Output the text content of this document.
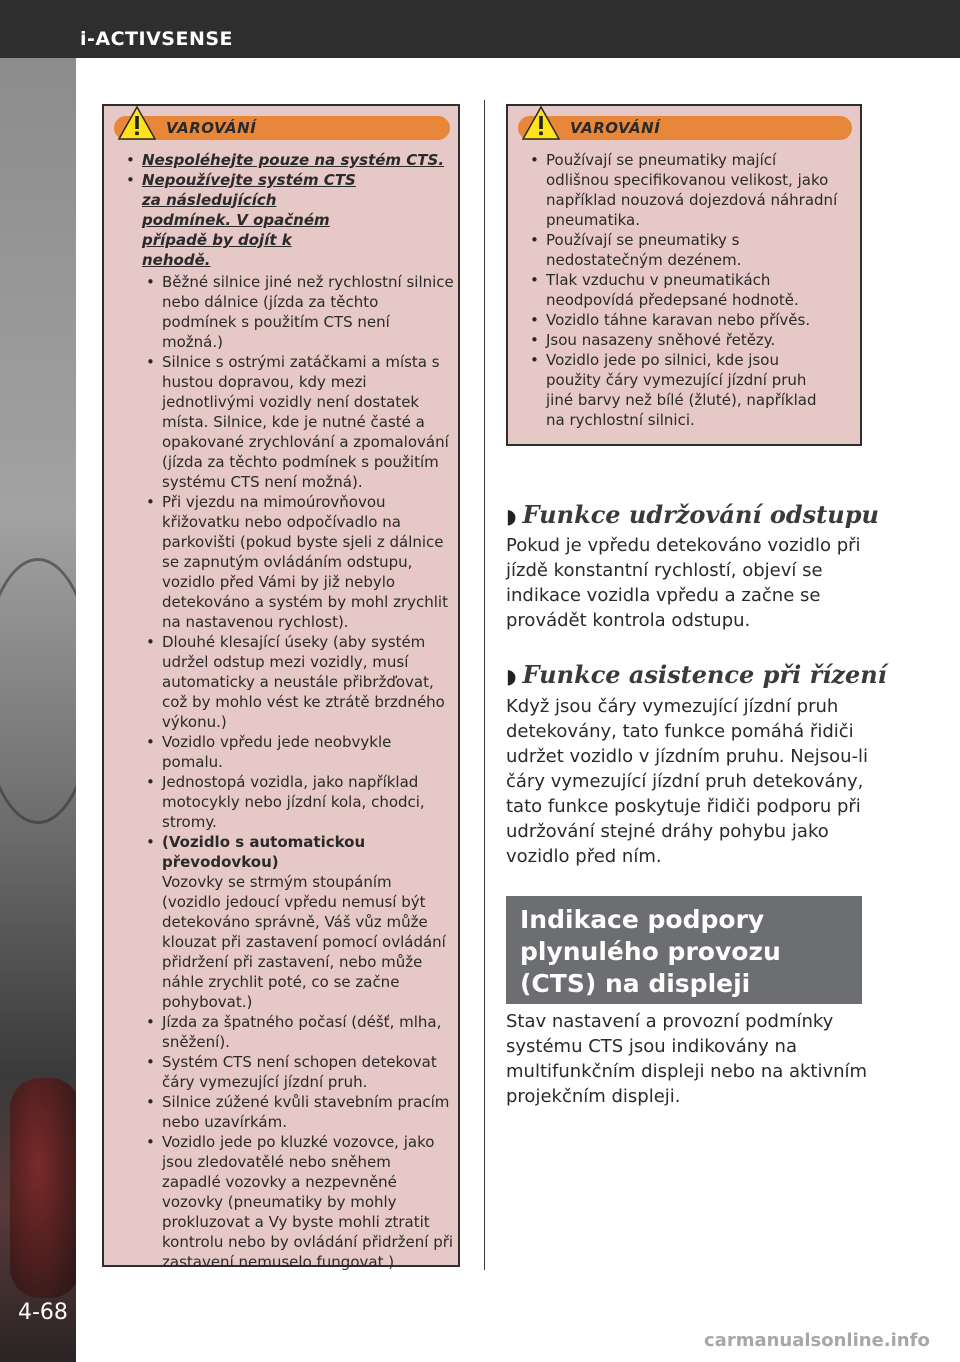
i-ACTIVSENSE
4-68
VAROVÁNÍ
• Nespoléhejte pouze na systém CTS.
• Nepoužívejte systém CTS za následujících podmínek. V opačném případě by dojít k nehodě.
• Běžné silnice jiné než rychlostní silnice nebo dálnice (jízda za těchto podmínek s použitím CTS není možná.)
• Silnice s ostrými zatáčkami a místa s hustou dopravou, kdy mezi jednotlivými vozidly není dostatek místa. Silnice, kde je nutné časté a opakované zrychlování a zpomalování (jízda za těchto podmínek s použitím systému CTS není možná).
• Při vjezdu na mimoúrovňovou křižovatku nebo odpočívadlo na parkovišti (pokud byste sjeli z dálnice se zapnutým ovládáním odstupu, vozidlo před Vámi by již nebylo detekováno a systém by mohl zrychlit na nastavenou rychlost).
• Dlouhé klesající úseky (aby systém udržel odstup mezi vozidly, musí automaticky a neustále přibržďovat, což by mohlo vést ke ztrátě brzdného výkonu.)
• Vozidlo vpředu jede neobvykle pomalu.
• Jednostopá vozidla, jako například motocykly nebo jízdní kola, chodci, stromy.
• (Vozidlo s automatickou převodovkou)
Vozovky se strmým stoupáním (vozidlo jedoucí vpředu nemusí být detekováno správně, Váš vůz může klouzat při zastavení pomocí ovládání přidržení při zastavení, nebo může náhle zrychlit poté, co se začne pohybovat.)
• Jízda za špatného počasí (déšť, mlha, sněžení).
• Systém CTS není schopen detekovat čáry vymezující jízdní pruh.
• Silnice zúžené kvůli stavebním pracím nebo uzavírkám.
• Vozidlo jede po kluzké vozovce, jako jsou zledovatělé nebo sněhem zapadlé vozovky a nezpevněné vozovky (pneumatiky by mohly prokluzovat a Vy byste mohli ztratit kontrolu nebo by ovládání přidržení při zastavení nemuselo fungovat.)
VAROVÁNÍ
• Používají se pneumatiky mající odlišnou specifikovanou velikost, jako například nouzová dojezdová náhradní pneumatika.
• Používají se pneumatiky s nedostatečným dezénem.
• Tlak vzduchu v pneumatikách neodpovídá předepsané hodnotě.
• Vozidlo táhne karavan nebo přívěs.
• Jsou nasazeny sněhové řetězy.
• Vozidlo jede po silnici, kde jsou použity čáry vymezující jízdní pruh jiné barvy než bílé (žluté), například na rychlostní silnici.
◗ Funkce udržování odstupu
Pokud je vpředu detekováno vozidlo při jízdě konstantní rychlostí, objeví se indikace vozidla vpředu a začne se provádět kontrola odstupu.
◗ Funkce asistence při řízení
Když jsou čáry vymezující jízdní pruh detekovány, tato funkce pomáhá řidiči udržet vozidlo v jízdním pruhu. Nejsou-li čáry vymezující jízdní pruh detekovány, tato funkce poskytuje řidiči podporu při udržování stejné dráhy pohybu jako vozidlo před ním.
Indikace podpory plynulého provozu (CTS) na displeji
Stav nastavení a provozní podmínky systému CTS jsou indikovány na multifunkčním displeji nebo na aktivním projekčním displeji.
carmanualsonline.info
